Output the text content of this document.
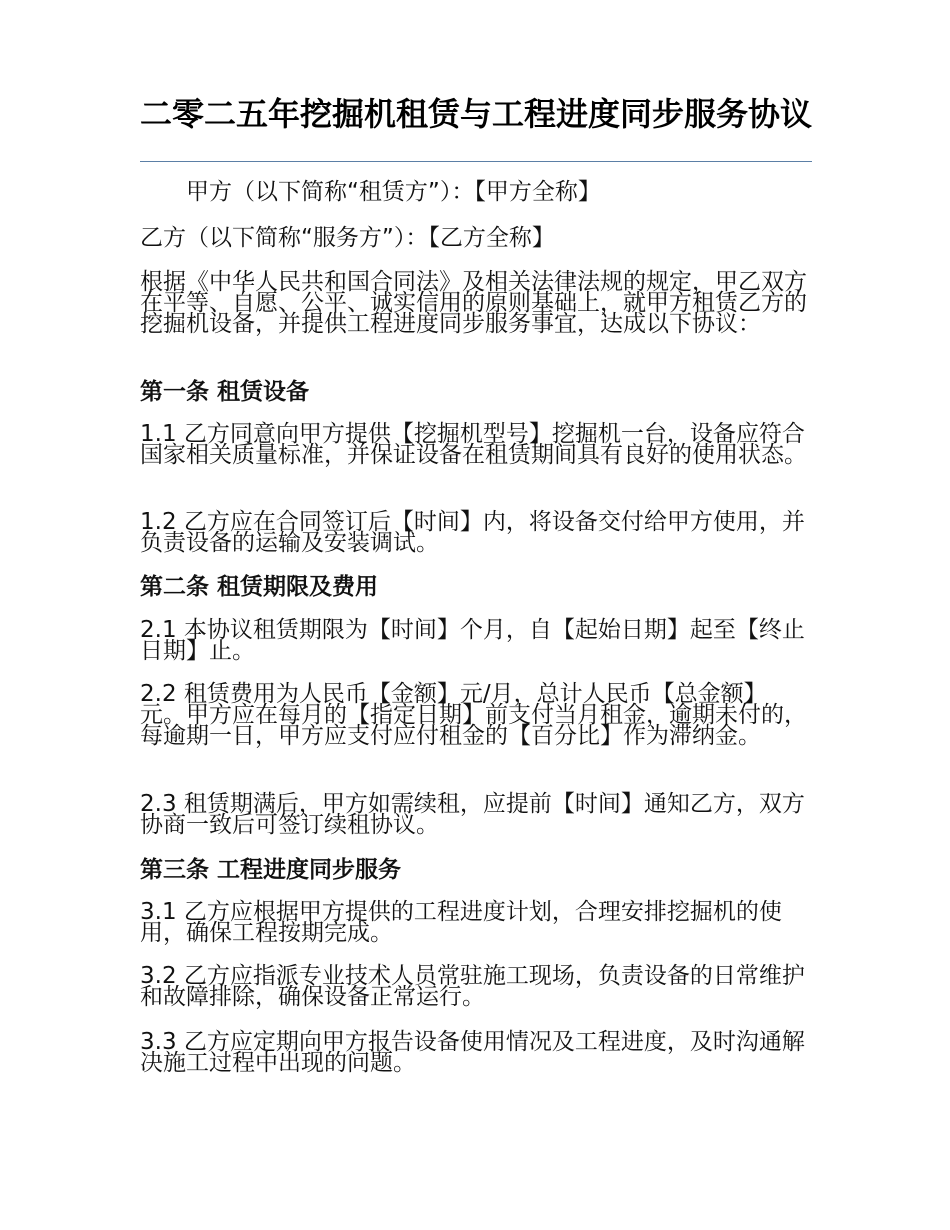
二零二五年挖掘机租赁与工程进度同步服务协议

甲方（以下简称“租赁方”）：【甲方全称】

乙方（以下简称“服务方”）：【乙方全称】

根据《中华人民共和国合同法》及相关法律法规的规定，甲乙双方在平等、自愿、公平、诚实信用的原则基础上，就甲方租赁乙方的挖掘机设备，并提供工程进度同步服务事宜，达成以下协议：

第一条 租赁设备

1.1 乙方同意向甲方提供【挖掘机型号】挖掘机一台，设备应符合国家相关质量标准，并保证设备在租赁期间具有良好的使用状态。

1.2 乙方应在合同签订后【时间】内，将设备交付给甲方使用，并负责设备的运输及安装调试。

第二条 租赁期限及费用

2.1 本协议租赁期限为【时间】个月，自【起始日期】起至【终止日期】止。

2.2 租赁费用为人民币【金额】元/月，总计人民币【总金额】元。甲方应在每月的【指定日期】前支付当月租金，逾期未付的，每逾期一日，甲方应支付应付租金的【百分比】作为滞纳金。

2.3 租赁期满后，甲方如需续租，应提前【时间】通知乙方，双方协商一致后可签订续租协议。

第三条 工程进度同步服务

3.1 乙方应根据甲方提供的工程进度计划，合理安排挖掘机的使用，确保工程按期完成。

3.2 乙方应指派专业技术人员常驻施工现场，负责设备的日常维护和故障排除，确保设备正常运行。

3.3 乙方应定期向甲方报告设备使用情况及工程进度，及时沟通解决施工过程中出现的问题。
